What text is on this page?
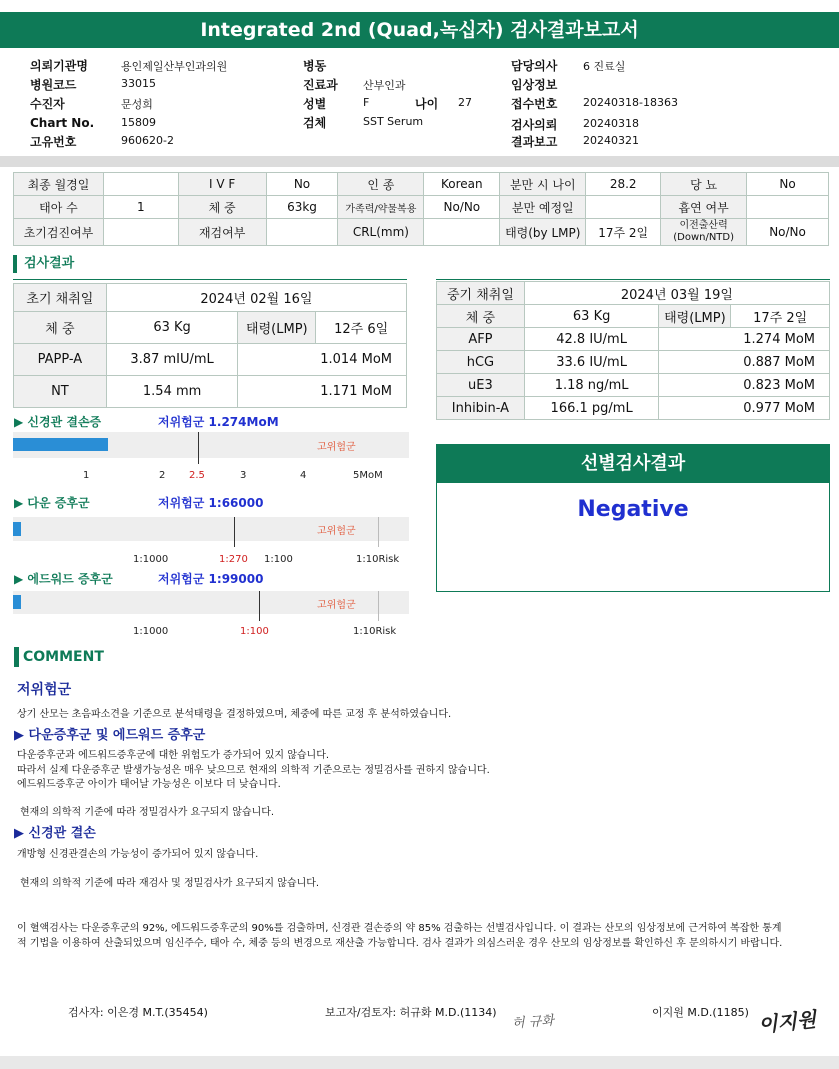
Integrated 2nd (Quad,녹십자) 검사결과보고서
의뢰기관명	용인제일산부인과의원
병원코드	33015
수진자	문성희
Chart No. 15809
고유번호	960620-2
병동
진료과 산부인과
성별	F	나이 27
검체	SST Serum
담당의사 6 진료실
임상정보
접수번호 20240318-18363
검사의뢰 20240318
결과보고 20240321
최종 월경일		I V F	No	인 종	Korean	분만 시 나이	28.2	당 뇨	No
태아 수	1	체 중	63kg	가족력/약물복용	No/No	분만 예정일		흡연 여부	
초기검진여부		재검여부		CRL(mm)		태령(by LMP)	17주 2일	이전출산력 (Down/NTD)	No/No
검사결과
초기 채취일	2024년 02월 16일		
체 중	63 Kg	태령(LMP)	12주 6일
PAPP-A	3.87 mIU/mL	1.014 MoM	
NT	1.54 mm	1.171 MoM	
중기 채취일	2024년 03월 19일		
체 중	63 Kg	태령(LMP)	17주 2일
AFP	42.8 IU/mL	1.274 MoM	
hCG	33.6 IU/mL	0.887 MoM	
uE3	1.18 ng/mL	0.823 MoM	
Inhibin-A	166.1 pg/mL	0.977 MoM	
▶ 신경관 결손증	저위험군 1.274MoM
고위험군
1	2 2.5	3	4	5MoM
▶ 다운 증후군	저위험군 1:66000
고위험군
1:1000	1:270 1:100	1:10Risk
▶ 에드워드 증후군	저위험군 1:99000
고위험군
1:1000	1:100	1:10Risk
선별검사결과
Negative
COMMENT
저위험군
상기 산모는 초음파소견을 기준으로 분석태령을 결정하였으며, 체중에 따른 교정 후 분석하였습니다.
▶ 다운증후군 및 에드워드 증후군
다운증후군과 에드워드증후군에 대한 위험도가 증가되어 있지 않습니다.
따라서 실제 다운증후군 발생가능성은 매우 낮으므로 현재의 의학적 기준으로는 정밀검사를 권하지 않습니다.
에드워드증후군 아이가 태어날 가능성은 이보다 더 낮습니다.
현재의 의학적 기준에 따라 정밀검사가 요구되지 않습니다.
▶ 신경관 결손
개방형 신경관결손의 가능성이 증가되어 있지 않습니다.
현재의 의학적 기준에 따라 재검사 및 정밀검사가 요구되지 않습니다.
이 혈액검사는 다운증후군의 92%, 에드워드증후군의 90%를 검출하며, 신경관 결손증의 약 85% 검출하는 선별검사입니다. 이 결과는 산모의 임상정보에 근거하여 복잡한 통계
적 기법을 이용하여 산출되었으며 임신주수, 태아 수, 체중 등의 변경으로 재산출 가능합니다. 검사 결과가 의심스러운 경우 산모의 임상정보를 확인하신 후 문의하시기 바랍니다.
검사자: 이은경 M.T.(35454)	보고자/검토자: 허규화 M.D.(1134)
허 규화
이지원 M.D.(1185) 이지원
